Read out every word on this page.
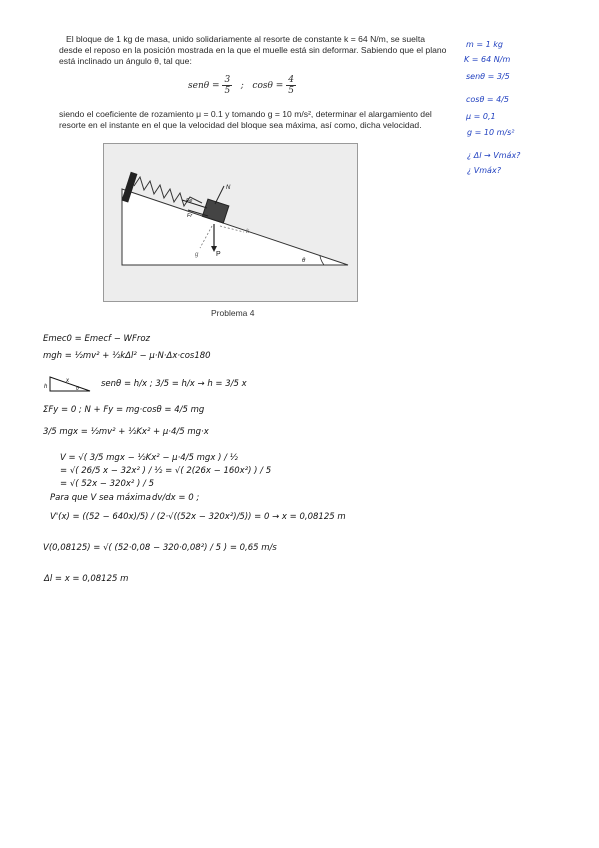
El bloque de 1 kg de masa, unido solidariamente al resorte de constante k = 64 N/m, se suelta
desde el reposo en la posición mostrada en la que el muelle está sin deformar. Sabiendo que el plano
está inclinado un ángulo θ, tal que:
$sen\theta = \frac{3}{5}$ ; $\cos\theta = \frac{4}{5}$
siendo el coeficiente de rozamiento μ = 0.1 y tomando g = 10 m/s², determinar el alargamiento del
resorte en el instante en el que la velocidad del bloque sea máxima, así como, dicha velocidad.
N
Fe
Fr
P
k
g
θ
Problema 4
m = 1 kg
K = 64 N/m
senθ = 3/5
cosθ = 4/5
μ = 0,1
g = 10 m/s²
¿ Δl → Vmáx?
¿ Vmáx?
Emec0 = Emecf − WFroz
mgh = ½mv² + ½kΔl² − μ·N·Δx·cos180
h
x
θ	senθ = h/x ; 3/5 = h/x → h = 3/5 x
ΣFy = 0 ; N + Fy = mg·cosθ = 4/5 mg
3/5 mgx = ½mv² + ½Kx² + μ·4/5 mg·x
V = √( 3/5 mgx − ½Kx² − μ·4/5 mgx ) / ½
= √( 26/5 x − 32x² ) / ½ = √( 2(26x − 160x²) ) / 5
= √( 52x − 320x² ) / 5
Para que V sea máxima dv/dx = 0 ;
V'(x) = ((52 − 640x)/5) / (2·√((52x − 320x²)/5)) = 0 → x = 0,08125 m
V(0,08125) = √( (52·0,08 − 320·0,08²) / 5 ) = 0,65 m/s
Δl = x = 0,08125 m
